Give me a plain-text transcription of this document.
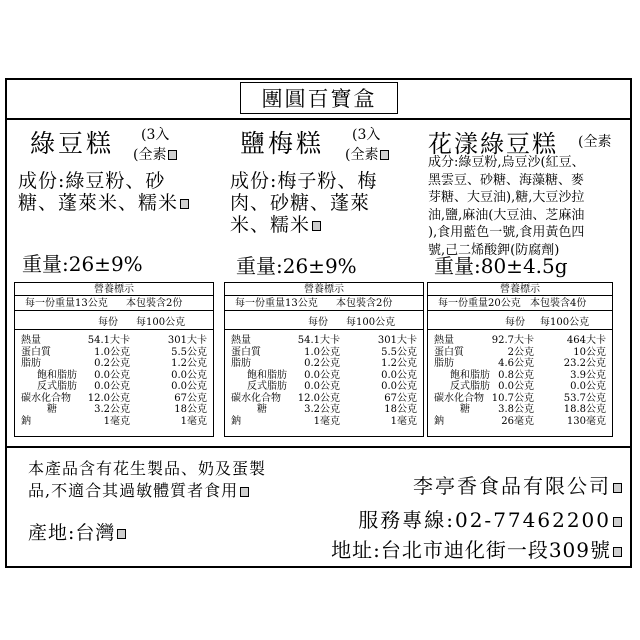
團圓百寶盒
綠豆糕 (3入
(全素
成份:綠豆粉、砂
糖、蓬萊米、糯米
重量:26±9%
鹽梅糕 (3入
(全素
成份:梅子粉、梅
肉、砂糖、蓬萊
米、糯米
重量:26±9%
花漾綠豆糕 (全素
成分:綠豆粉,烏豆沙(紅豆、
黑雲豆、砂糖、海藻糖、麥
芽糖、大豆油),糖,大豆沙拉
油,鹽,麻油(大豆油、芝麻油
),食用藍色一號,食用黃色四
號,己二烯酸鉀(防腐劑)
重量:80±4.5g
營養標示
每一份重量13公克 本包裝含2份
每份 每100公克
熱量	54.1大卡	301大卡
蛋白質	1.0公克	5.5公克
脂肪	0.2公克	1.2公克
飽和脂肪 0.0公克	0.0公克
反式脂肪 0.0公克	0.0公克
碳水化合物 12.0公克	67公克
糖	3.2公克	18公克
鈉	1毫克	1毫克
營養標示
每一份重量13公克 本包裝含2份
每份 每100公克
熱量	54.1大卡	301大卡
蛋白質	1.0公克	5.5公克
脂肪	0.2公克	1.2公克
飽和脂肪 0.0公克	0.0公克
反式脂肪 0.0公克	0.0公克
碳水化合物 12.0公克	67公克
糖	3.2公克	18公克
鈉	1毫克	1毫克
營養標示
每一份重量20公克 本包裝含4份
每份 每100公克
熱量	92.7大卡	464大卡
蛋白質	2公克	10公克
脂肪	4.6公克	23.2公克
飽和脂肪 0.8公克	3.9公克
反式脂肪 0.0公克	0.0公克
碳水化合物 10.7公克	53.7公克
糖	3.8公克	18.8公克
鈉	26毫克	130毫克
本產品含有花生製品、奶及蛋製
品,不適合其過敏體質者食用
產地:台灣
李亭香食品有限公司
服務專線:02-77462200
地址:台北市迪化街一段309號
